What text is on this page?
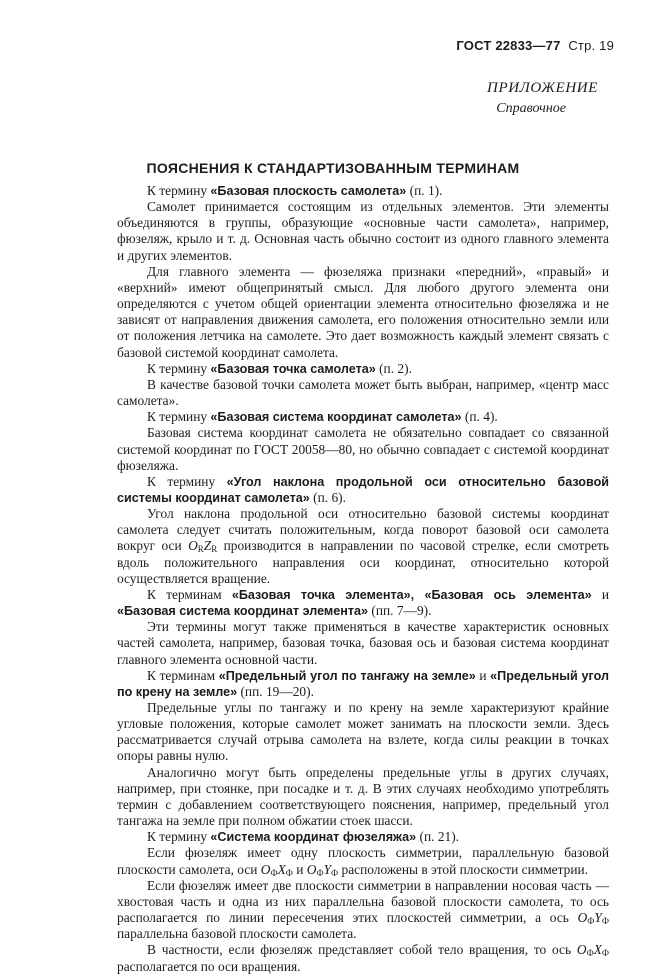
ГОСТ 22833—77 Стр. 19
ПРИЛОЖЕНИЕ
Справочное
ПОЯСНЕНИЯ К СТАНДАРТИЗОВАННЫМ ТЕРМИНАМ

К термину «Базовая плоскость самолета» (п. 1).

Самолет принимается состоящим из отдельных элементов. Эти элементы объединяются в группы, образующие «основные части самолета», например, фюзеляж, крыло и т. д. Основная часть обычно состоит из одного главного элемента и других элементов.

Для главного элемента — фюзеляжа признаки «передний», «правый» и «верхний» имеют общепринятый смысл. Для любого другого элемента они определяются с учетом общей ориентации элемента относительно фюзеляжа и не зависят от направления движения самолета, его положения относительно земли или от положения летчика на самолете. Это дает возможность каждый элемент связать с базовой системой координат самолета.

К термину «Базовая точка самолета» (п. 2).

В качестве базовой точки самолета может быть выбран, например, «центр масс самолета».

К термину «Базовая система координат самолета» (п. 4).

Базовая система координат самолета не обязательно совпадает со связанной системой координат по ГОСТ 20058—80, но обычно совпадает с системой координат фюзеляжа.

К термину «Угол наклона продольной оси относительно базовой системы координат самолета» (п. 6).

Угол наклона продольной оси относительно базовой системы координат самолета следует считать положительным, когда поворот базовой оси самолета вокруг оси $O_RZ_R$ производится в направлении по часовой стрелке, если смотреть вдоль положительного направления оси координат, относительно которой осуществляется вращение.

К терминам «Базовая точка элемента», «Базовая ось элемента» и «Базовая система координат элемента» (пп. 7—9).

Эти термины могут также применяться в качестве характеристик основных частей самолета, например, базовая точка, базовая ось и базовая система координат главного элемента основной части.

К терминам «Предельный угол по тангажу на земле» и «Предельный угол по крену на земле» (пп. 19—20).

Предельные углы по тангажу и по крену на земле характеризуют крайние угловые положения, которые самолет может занимать на плоскости земли. Здесь рассматривается случай отрыва самолета на взлете, когда силы реакции в точках опоры равны нулю.

Аналогично могут быть определены предельные углы в других случаях, например, при стоянке, при посадке и т. д. В этих случаях необходимо употреблять термин с добавлением соответствующего пояснения, например, предельный угол тангажа на земле при полном обжатии стоек шасси.

К термину «Система координат фюзеляжа» (п. 21).

Если фюзеляж имеет одну плоскость симметрии, параллельную базовой плоскости самолета, оси $O_ФX_Ф$ и $O_ФY_Ф$ расположены в этой плоскости симметрии.

Если фюзеляж имеет две плоскости симметрии в направлении носовая часть — хвостовая часть и одна из них параллельна базовой плоскости самолета, то ось располагается по линии пересечения этих плоскостей симметрии, а ось $O_ФY_Ф$ параллельна базовой плоскости самолета.

В частности, если фюзеляж представляет собой тело вращения, то ось $O_ФX_Ф$ располагается по оси вращения.
